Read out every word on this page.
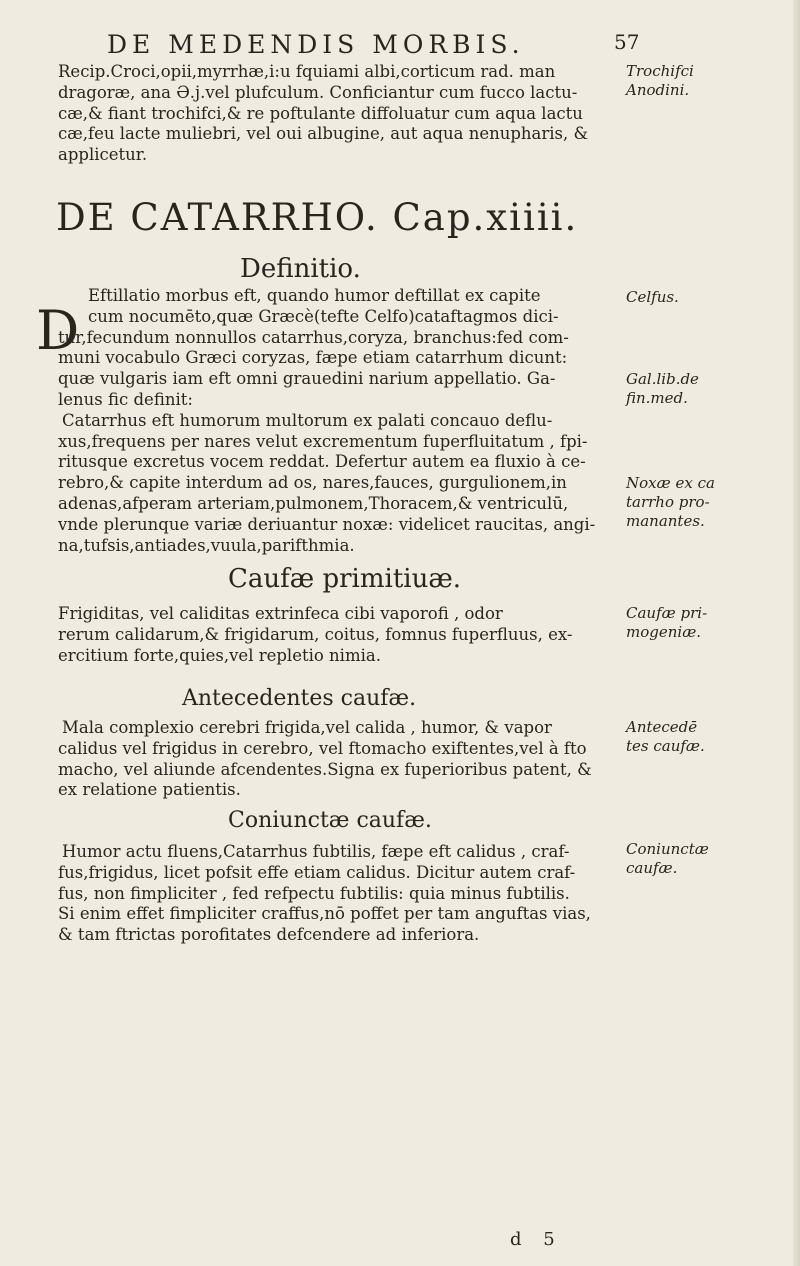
DE MEDENDIS MORBIS.	57
Recip.Croci,opii,myrrhæ,i:u fquiami albi,corticum rad. man
dragoræ, ana Ə.j.vel plufculum. Conficiantur cum fucco lactu-
cæ,& fiant trochifci,& re poftulante diffoluatur cum aqua lactu
cæ,feu lacte muliebri, vel oui albugine, aut aqua nenupharis, &
applicetur.
DE CATARRHO. Cap.xiiii.
Definitio.
D
Eftillatio morbus eft, quando humor deftillat ex capite
cum nocumēto,quæ Græcè(tefte Celfo)cataftagmos dici-
tur,fecundum nonnullos catarrhus,coryza, branchus:fed com-
muni vocabulo Græci coryzas, fæpe etiam catarrhum dicunt:
quæ vulgaris iam eft omni grauedini narium appellatio. Ga-
lenus fic definit:
Catarrhus eft humorum multorum ex palati concauo deflu-
xus,frequens per nares velut excrementum fuperfluitatum , fpi-
ritusque excretus vocem reddat. Defertur autem ea fluxio à ce-
rebro,& capite interdum ad os, nares,fauces, gurgulionem,in
adenas,afperam arteriam,pulmonem,Thoracem,& ventriculū,
vnde plerunque variæ deriuantur noxæ: videlicet raucitas, angi-
na,tufsis,antiades,vuula,parifthmia.
Caufæ primitiuæ.
Frigiditas, vel caliditas extrinfeca cibi vaporofi , odor
rerum calidarum,& frigidarum, coitus, fomnus fuperfluus, ex-
ercitium forte,quies,vel repletio nimia.
Antecedentes caufæ.
Mala complexio cerebri frigida,vel calida , humor, & vapor
calidus vel frigidus in cerebro, vel ftomacho exiftentes,vel à fto
macho, vel aliunde afcendentes.Signa ex fuperioribus patent, &
ex relatione patientis.
Coniunctæ caufæ.
Humor actu fluens,Catarrhus fubtilis, fæpe eft calidus , craf-
fus,frigidus, licet pofsit effe etiam calidus. Dicitur autem craf-
fus, non fimpliciter , fed refpectu fubtilis: quia minus fubtilis.
Si enim effet fimpliciter craffus,nō poffet per tam anguftas vias,
& tam ftrictas porofitates defcendere ad inferiora.
d 5
Trochifci
Anodini.
Celfus.
Gal.lib.de
fin.med.
Noxæ ex ca
tarrho pro-
manantes.
Caufæ pri-
mogeniæ.
Antecedē
tes caufæ.
Coniunctæ
caufæ.
